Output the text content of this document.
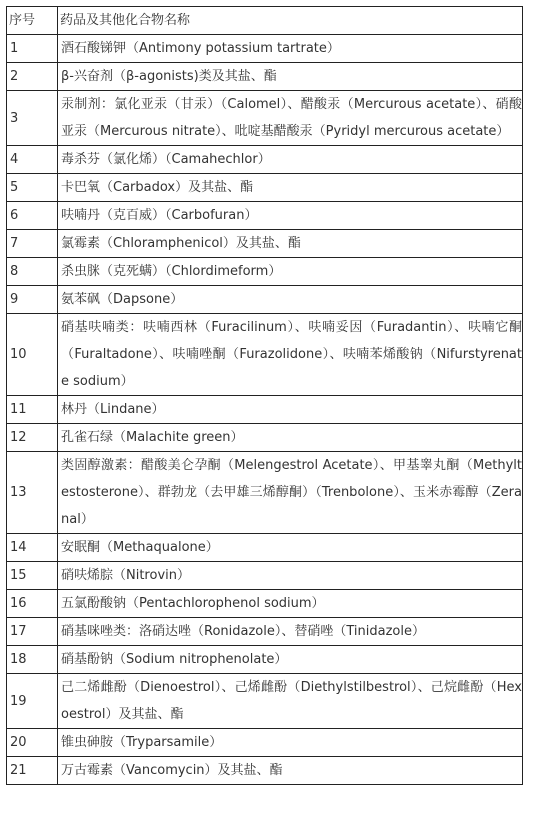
序号	药品及其他化合物名称
1	酒石酸锑钾（Antimony potassium tartrate）
2	β-兴奋剂（β-agonists)类及其盐、酯
3	汞制剂：氯化亚汞（甘汞）（Calomel）、醋酸汞（Mercurous acetate）、硝酸亚汞（Mercurous nitrate）、吡啶基醋酸汞（Pyridyl mercurous acetate）
4	毒杀芬（氯化烯）（Camahechlor）
5	卡巴氧（Carbadox）及其盐、酯
6	呋喃丹（克百威）（Carbofuran）
7	氯霉素（Chloramphenicol）及其盐、酯
8	杀虫脒（克死螨）（Chlordimeform）
9	氨苯砜（Dapsone）
10	硝基呋喃类：呋喃西林（Furacilinum）、呋喃妥因（Furadantin）、呋喃它酮（Furaltadone）、呋喃唑酮（Furazolidone）、呋喃苯烯酸钠（Nifurstyrenate sodium）
11	林丹（Lindane）
12	孔雀石绿（Malachite green）
13	类固醇激素：醋酸美仑孕酮（Melengestrol Acetate）、甲基睾丸酮（Methyltestosterone）、群勃龙（去甲雄三烯醇酮）（Trenbolone）、玉米赤霉醇（Zeranal）
14	安眠酮（Methaqualone）
15	硝呋烯腙（Nitrovin）
16	五氯酚酸钠（Pentachlorophenol sodium）
17	硝基咪唑类：洛硝达唑（Ronidazole）、替硝唑（Tinidazole）
18	硝基酚钠（Sodium nitrophenolate）
19	己二烯雌酚（Dienoestrol）、己烯雌酚（Diethylstilbestrol）、己烷雌酚（Hexoestrol）及其盐、酯
20	锥虫砷胺（Tryparsamile）
21	万古霉素（Vancomycin）及其盐、酯
